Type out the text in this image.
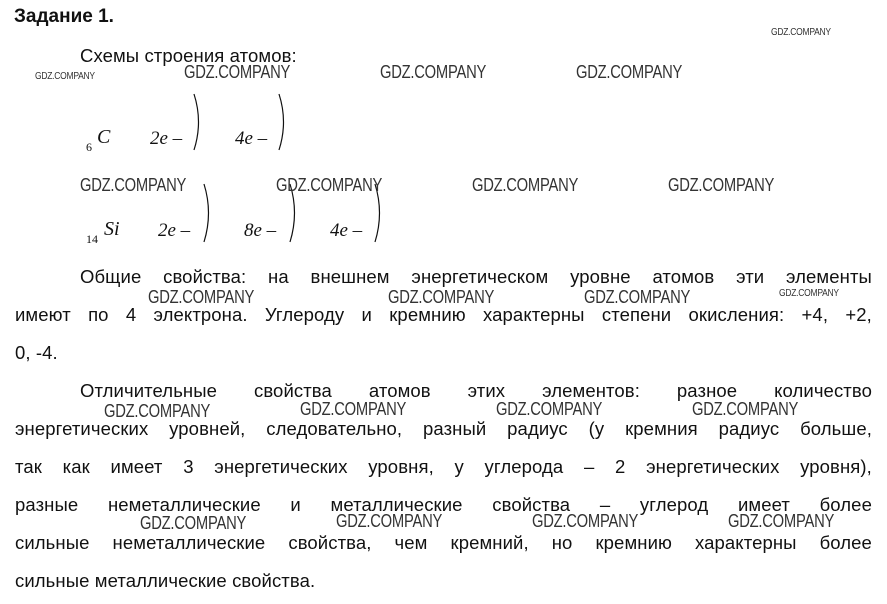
Задание 1.
Схемы строения атомов:
6 C 2e –	4e –
14 Si 2e –	8e –	4e –
Общие свойства: на внешнем энергетическом уровне атомов эти элементы
имеют по 4 электрона. Углероду и кремнию характерны степени окисления: +4, +2,
0, -4.
Отличительные свойства атомов этих элементов: разное количество
энергетических уровней, следовательно, разный радиус (у кремния радиус больше,
так как имеет 3 энергетических уровня, у углерода – 2 энергетических уровня),
разные неметаллические и металлические свойства – углерод имеет более
сильные неметаллические свойства, чем кремний, но кремнию характерны более
сильные металлические свойства.
GDZ.COMPANY
GDZ.COMPANY	GDZ.COMPANY	GDZ.COMPANY
GDZ.COMPANY
GDZ.COMPANY	GDZ.COMPANY	GDZ.COMPANY	GDZ.COMPANY
GDZ.COMPANY	GDZ.COMPANY	GDZ.COMPANY	GDZ.COMPANY
GDZ.COMPANY	GDZ.COMPANY	GDZ.COMPANY	GDZ.COMPANY
GDZ.COMPANY	GDZ.COMPANY	GDZ.COMPANY	GDZ.COMPANY
